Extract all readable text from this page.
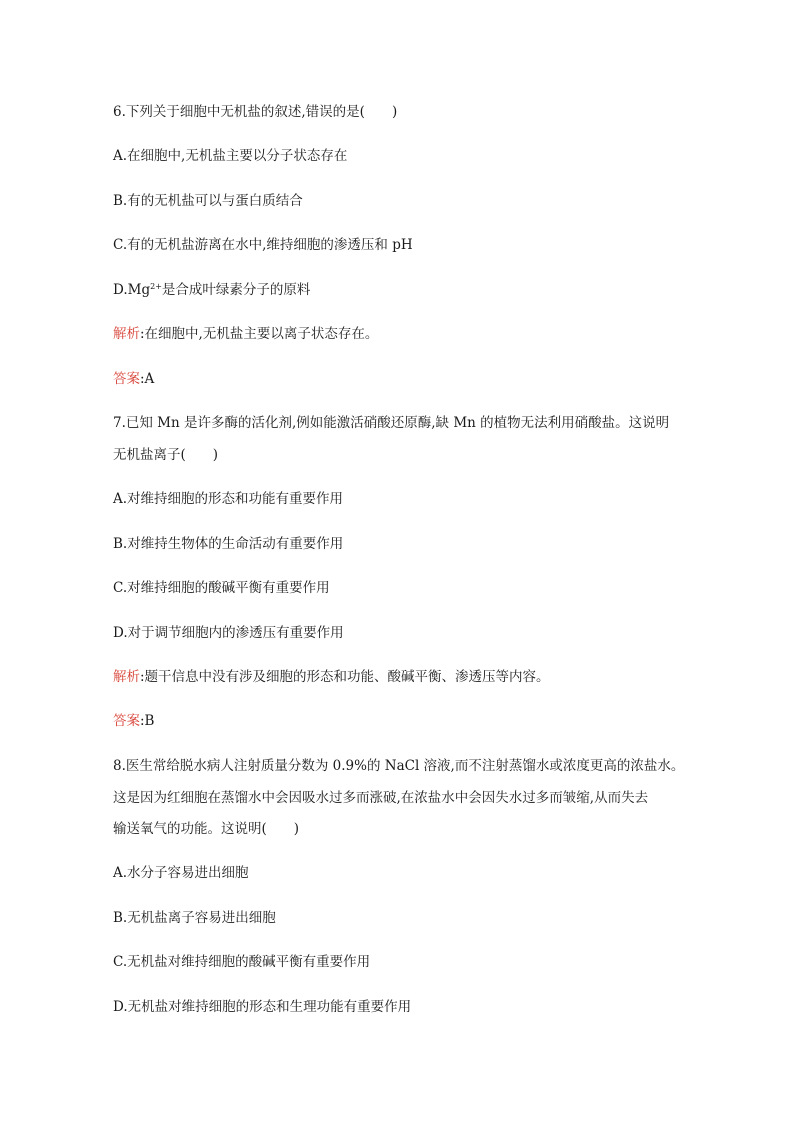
6.下列关于细胞中无机盐的叙述,错误的是(　　)
A.在细胞中,无机盐主要以分子状态存在
B.有的无机盐可以与蛋白质结合
C.有的无机盐游离在水中,维持细胞的渗透压和 pH
$D.Mg^{2+}$是合成叶绿素分子的原料
解析:在细胞中,无机盐主要以离子状态存在。
答案:A
7.已知 Mn 是许多酶的活化剂,例如能激活硝酸还原酶,缺 Mn 的植物无法利用硝酸盐。这说明
无机盐离子(　　)
A.对维持细胞的形态和功能有重要作用
B.对维持生物体的生命活动有重要作用
C.对维持细胞的酸碱平衡有重要作用
D.对于调节细胞内的渗透压有重要作用
解析:题干信息中没有涉及细胞的形态和功能、酸碱平衡、渗透压等内容。
答案:B
8.医生常给脱水病人注射质量分数为 0.9%的 NaCl 溶液,而不注射蒸馏水或浓度更高的浓盐水。
这是因为红细胞在蒸馏水中会因吸水过多而涨破,在浓盐水中会因失水过多而皱缩,从而失去
输送氧气的功能。这说明(　　)
A.水分子容易进出细胞
B.无机盐离子容易进出细胞
C.无机盐对维持细胞的酸碱平衡有重要作用
D.无机盐对维持细胞的形态和生理功能有重要作用
